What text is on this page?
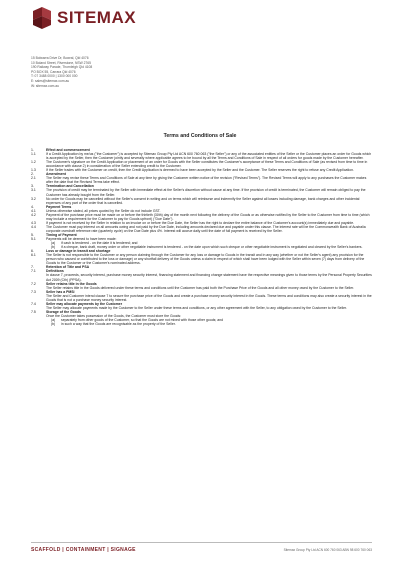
SITEMAX
15 Bolwarra Drive Dr, Bowral, Qld 4076
10 Boland Street, Riverstone, NSW 2765
190 Railway Parade, Thornleigh Qld 4108
PO BOX 55, Carrara Qld 4076
T: 07 3488 0000 | 1300 000 000
E: sales@sitemax.com.au
W: sitemax.com.au
Terms and Conditions of Sale
1.	Effect and commencement
1.1	If a Credit Application by me/us ("the Customer") is accepted by Sitemax Group Pty Ltd ACN 600 760 063 ("the Seller") or any of the associated entities of the Seller or the Customer places an order for Goods which is accepted by the Seller, then the Customer jointly and severally where applicable agrees to be bound by all the Terms and Conditions of Sale in respect of all orders for goods made by the Customer hereafter.
1.2	The Customer's signature on the Credit Application or placement of an order for Goods with the Seller constitutes the Customer's acceptance of these Terms and Conditions of Sale (as revised from time to time in accordance with clause 2) in consideration of the Seller extending credit to the Customer.
1.3	If the Seller trades with the Customer on credit, then the Credit Application is deemed to have been accepted by the Seller and the Customer. The Seller reserves the right to refuse any Credit Application.
2.	Amendment
2.1	The Seller may revise these Terms and Conditions of Sale at any time by giving the Customer written notice of the revision ("Revised Terms"). The Revised Terms will apply to any purchases the Customer makes after the date that the Revised Terms take effect.
3.	Termination and Cancellation
3.1	The provision of credit may be terminated by the Seller with immediate effect at the Seller's discretion without cause at any time. If the provision of credit is terminated, the Customer will remain obliged to pay the Customer has already bought from the Seller.
3.2	No order for Goods may be cancelled without the Seller's consent in writing and on terms which will reimburse and indemnify the Seller against all losses including damage, bank charges and other incidental expenses of any part of the order that is cancelled.
4.	Payment Terms
4.1	Unless otherwise stated, all prices quoted by the Seller do not include GST.
4.2	Payment of the purchase price must be made on or before the thirtieth (30th) day of the month next following the delivery of the Goods or as otherwise notified by the Seller to the Customer from time to time (which may include a requirement for the Customer to pay for Goods upfront) ("Due Date").
4.3	If payment is not received by the Seller in relation to an invoice on or before the Due Date, the Seller has the right to declare the entire balance of the Customer's account(s) immediately due and payable.
4.4	The Customer must pay interest on all amounts owing and not paid by the Due Date, including amounts declared due and payable under this clause. The interest rate will be the Commonwealth Bank of Australia corporate overdraft reference rate (quarterly cycle) on the Due Date plus 4%. Interest will accrue daily until the date of full payment is received by the Seller.
5.	Timing of Payment
5.1	Payments will be deemed to have been made:
(a)	if cash is tendered - on the date it is tendered; and
(b)	if a cheque, bank draft, money order or other negotiable instrument is tendered - on the date upon which such cheque or other negotiable instrument is negotiated and cleared by the Seller's bankers.
6.	Loss or damage in transit and shortage
6.1	The Seller is not responsible to the Customer or any person claiming through the Customer for any loss or damage to Goods in the transit and in any way (whether or not the Seller's agent) any provision for the person who caused or contributed to the loss or damage) or any shortfall delivery of the Goods unless a claim in respect of which shall have been lodged with the Seller within seven (7) days from delivery of the Goods to the Customer or the Customer's nominated address.
7.	Retention of Title and PSA
7.1	Definitions
In clause 7, proceeds, security interest, purchase money security interest, financing statement and financing change statement have the respective meanings given to those terms by the Personal Property Securities Act 2009 (Cth) (PPSA).
7.2	Seller retains title in the Goods
The Seller retains title in the Goods delivered under these terms and conditions until the Customer has paid both the Purchase Price of the Goods and all other money owed by the Customer to the Seller.
7.3	Seller has a PMSI
The Seller and Customer intend clause 7 to secure the purchase price of the Goods and create a purchase money security interest in the Goods. These terms and conditions may also create a security interest in the Goods that is not a purchase money security interest.
7.4	Seller may allocate payments by the Customer
The Seller may allocate payments made by the Customer to the Seller under these terms and conditions, or any other agreement with the Seller, to any obligation owed by the Customer to the Seller.
7.5	Storage of the Goods
Once the Customer takes possession of the Goods, the Customer must store the Goods:
(a)	separately from other goods of the Customer, so that the Goods are not mixed with those other goods; and
(b)	in such a way that the Goods are recognisable as the property of the Seller.
SCAFFOLD | CONTAINMENT | SIGNAGE	Sitemax Group Pty Ltd ACN 600 760 063 ABN 98 600 760 063
